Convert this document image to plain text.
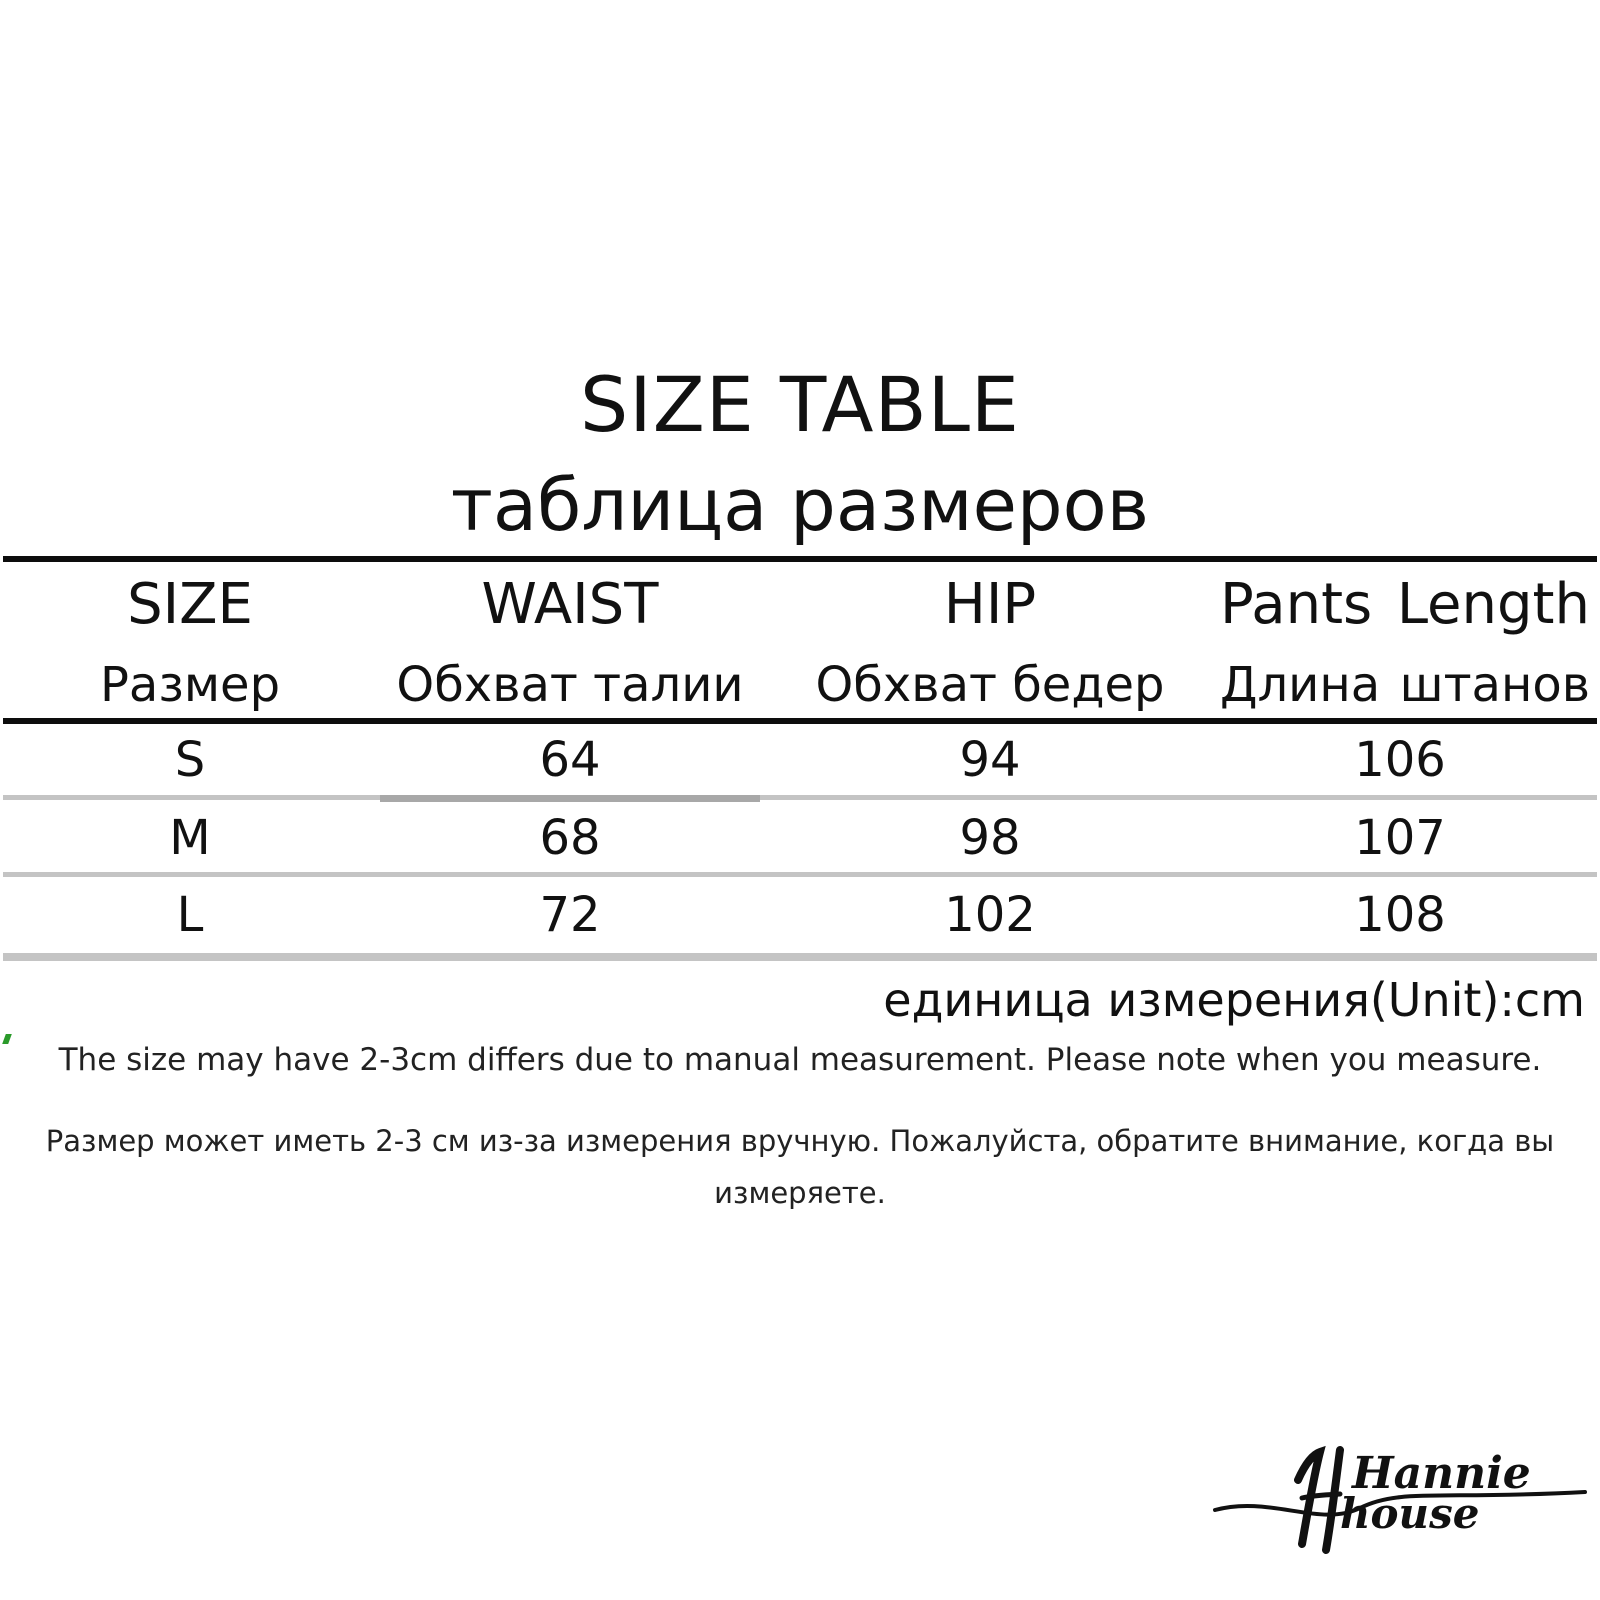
SIZE TABLE
таблица размеров
SIZE	WAIST	HIP	Pants Length
Размер	Обхват талии	Обхват бедер	Длина штанов
S	64	94	106
M	68	98	107
L	72	102	108
единица измерения(Unit):cm
The size may have 2-3cm differs due to manual measurement. Please note when you measure.
Размер может иметь 2-3 см из-за измерения вручную. Пожалуйста, обратите внимание, когда вы измеряете.
Hannie
house
